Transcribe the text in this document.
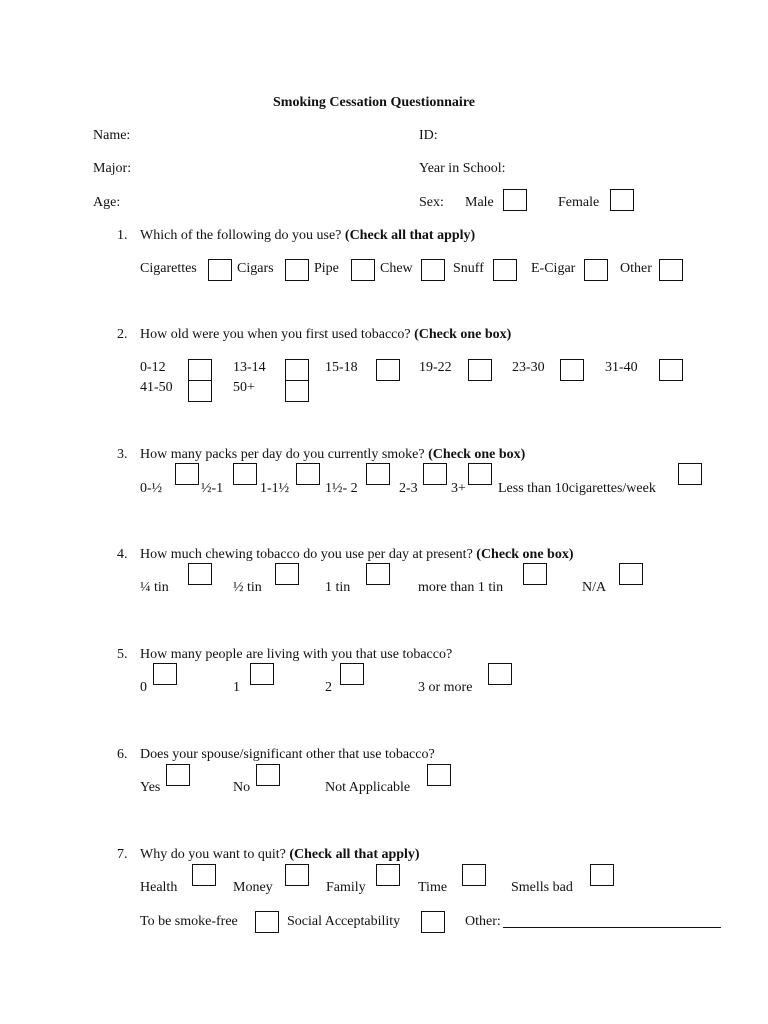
Smoking Cessation Questionnaire
Name:	ID:
Major:	Year in School:
Age:	Sex: Male	Female
1. Which of the following do you use? (Check all that apply)
Cigarettes	Cigars	Pipe	Chew	Snuff	E-Cigar	Other
2. How old were you when you first used tobacco? (Check one box)
0-12	13-14	15-18	19-22	23-30	31-40
41-50	50+
3. How many packs per day do you currently smoke? (Check one box)
0-½	½-1	1-1½	1½- 2	2-3 3+ Less than 10cigarettes/week
4. How much chewing tobacco do you use per day at present? (Check one box)
¼ tin	½ tin	1 tin	more than 1 tin	N/A
5. How many people are living with you that use tobacco?
0	1	2	3 or more
6. Does your spouse/significant other that use tobacco?
Yes	No	Not Applicable
7. Why do you want to quit? (Check all that apply)
Health	Money	Family	Time	Smells bad
To be smoke-free	Social Acceptability	Other:
